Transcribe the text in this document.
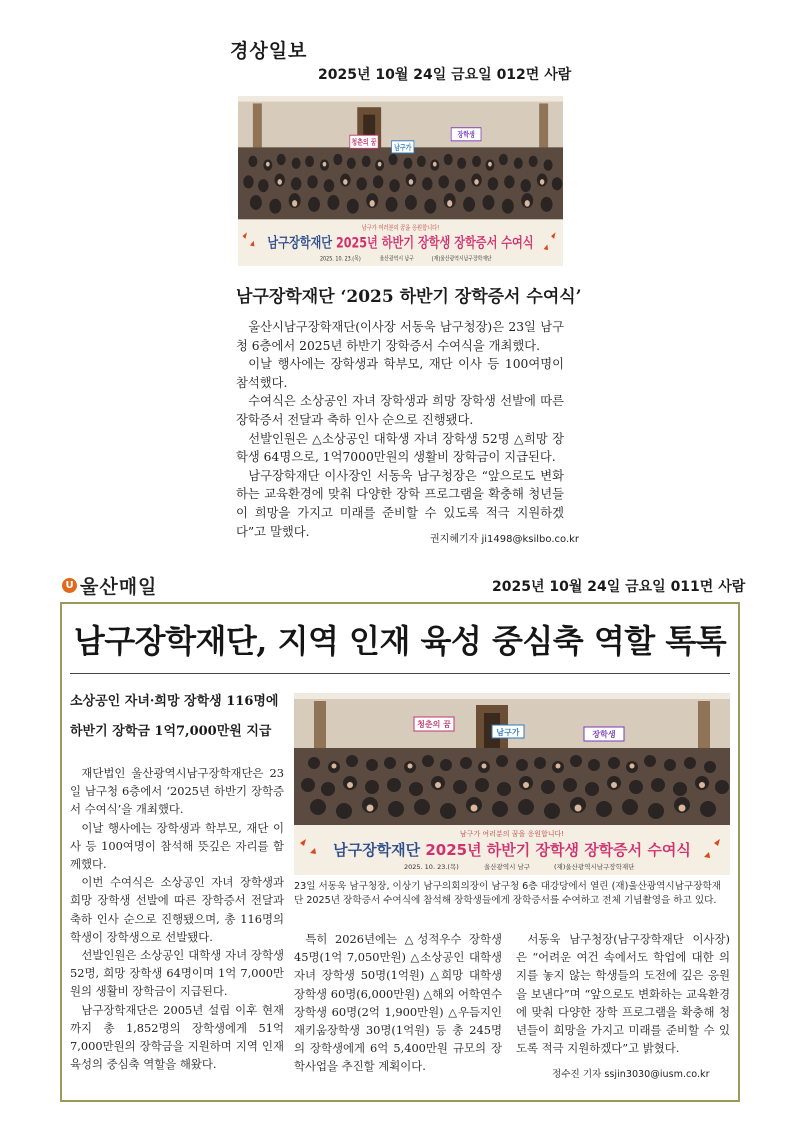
경상일보
2025년 10월 24일 금요일 012면 사람
청춘의 꿈
남구가
장학생
남구가 여러분의 꿈을 응원합니다!
남구장학재단 2025년 하반기 장학생 장학증서 수여식
2025. 10. 23.(목)	울산광역시 남구	(재)울산광역시남구장학재단
남구장학재단 ‘2025 하반기 장학증서 수여식’

울산시남구장학재단(이사장 서동욱 남구청장)은 23일 남구청 6층에서 2025년 하반기 장학증서 수여식을 개최했다.

이날 행사에는 장학생과 학부모, 재단 이사 등 100여명이 참석했다.

수여식은 소상공인 자녀 장학생과 희망 장학생 선발에 따른 장학증서 전달과 축하 인사 순으로 진행됐다.

선발인원은 △소상공인 대학생 자녀 장학생 52명 △희망 장학생 64명으로, 1억7000만원의 생활비 장학금이 지급된다.

남구장학재단 이사장인 서동욱 남구청장은 “앞으로도 변화하는 교육환경에 맞춰 다양한 장학 프로그램을 확충해 청년들이 희망을 가지고 미래를 준비할 수 있도록 적극 지원하겠다”고 말했다.

권지혜기자 ji1498@ksilbo.co.kr
U 울산매일	2025년 10월 24일 금요일 011면 사람
남구장학재단, 지역 인재 육성 중심축 역할 톡톡
소상공인 자녀·희망 장학생 116명에
하반기 장학금 1억7,000만원 지급	청춘의 꿈
남구가	장학생
남구가 여러분의 꿈을 응원합니다!
남구장학재단 2025년 하반기 장학생 장학증서 수여식
2025. 10. 23.(목)	울산광역시 남구	(재)울산광역시남구장학재단
23일 서동욱 남구청장, 이상기 남구의회의장이 남구청 6층 대강당에서 열린 (재)울산광역시남구장학재단 2025년 장학증서 수여식에 참석해 장학생들에게 장학증서를 수여하고 전체 기념촬영을 하고 있다.

재단법인 울산광역시남구장학재단은 23일 남구청 6층에서 ‘2025년 하반기 장학증서 수여식’을 개최했다.

이날 행사에는 장학생과 학부모, 재단 이사 등 100여명이 참석해 뜻깊은 자리를 함께했다.

이번 수여식은 소상공인 자녀 장학생과 희망 장학생 선발에 따른 장학증서 전달과 축하 인사 순으로 진행됐으며, 총 116명의 학생이 장학생으로 선발됐다.

선발인원은 소상공인 대학생 자녀 장학생 52명, 희망 장학생 64명이며 1억 7,000만원의 생활비 장학금이 지급된다.

남구장학재단은 2005년 설립 이후 현재까지 총 1,852명의 장학생에게 51억 7,000만원의 장학금을 지원하며 지역 인재 육성의 중심축 역할을 해왔다.

특히 2026년에는 △성적우수 장학생 45명(1억 7,050만원) △소상공인 대학생 자녀 장학생 50명(1억원) △희망 대학생 장학생 60명(6,000만원) △해외 어학연수 장학생 60명(2억 1,900만원) △우듬지인재키움장학생 30명(1억원) 등 총 245명의 장학생에게 6억 5,400만원 규모의 장학사업을 추진할 계획이다.

서동욱 남구청장(남구장학재단 이사장)은 “어려운 여건 속에서도 학업에 대한 의지를 놓지 않는 학생들의 도전에 깊은 응원을 보낸다”며 “앞으로도 변화하는 교육환경에 맞춰 다양한 장학 프로그램을 확충해 청년들이 희망을 가지고 미래를 준비할 수 있도록 적극 지원하겠다”고 밝혔다.

정수진 기자 ssjin3030@iusm.co.kr
